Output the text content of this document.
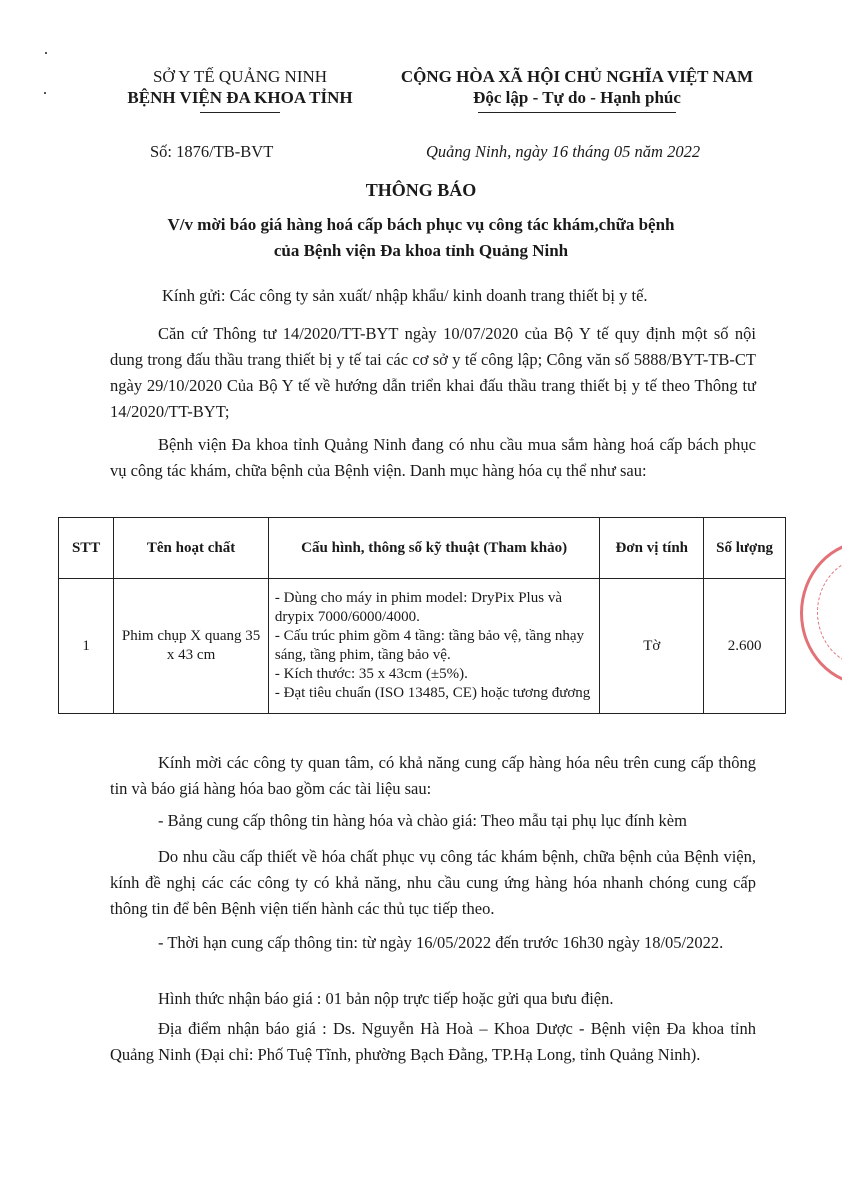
SỞ Y TẾ QUẢNG NINH
BỆNH VIỆN ĐA KHOA TỈNH
CỘNG HÒA XÃ HỘI CHỦ NGHĨA VIỆT NAM
Độc lập - Tự do - Hạnh phúc
Số: 1876/TB-BVT	Quảng Ninh, ngày 16 tháng 05 năm 2022
THÔNG BÁO
V/v mời báo giá hàng hoá cấp bách phục vụ công tác khám,chữa bệnh
của Bệnh viện Đa khoa tỉnh Quảng Ninh
Kính gửi: Các công ty sản xuất/ nhập khẩu/ kinh doanh trang thiết bị y tế.
Căn cứ Thông tư 14/2020/TT-BYT ngày 10/07/2020 của Bộ Y tế quy định một số nội dung trong đấu thầu trang thiết bị y tế tai các cơ sở y tế công lập; Công văn số 5888/BYT-TB-CT ngày 29/10/2020 Của Bộ Y tế về hướng dẫn triển khai đấu thầu trang thiết bị y tế theo Thông tư 14/2020/TT-BYT;
Bệnh viện Đa khoa tỉnh Quảng Ninh đang có nhu cầu mua sắm hàng hoá cấp bách phục vụ công tác khám, chữa bệnh của Bệnh viện. Danh mục hàng hóa cụ thể như sau:
STT	Tên hoạt chất	Cấu hình, thông số kỹ thuật (Tham khảo)	Đơn vị tính	Số lượng
1	Phim chụp X quang 35 x 43 cm	- Dùng cho máy in phim model: DryPix Plus và drypix 7000/6000/4000.
- Cấu trúc phim gồm 4 tầng: tầng bảo vệ, tầng nhạy sáng, tầng phim, tầng bảo vệ.
- Kích thước: 35 x 43cm (±5%).
- Đạt tiêu chuẩn (ISO 13485, CE) hoặc tương đương	Tờ	2.600
Kính mời các công ty quan tâm, có khả năng cung cấp hàng hóa nêu trên cung cấp thông tin và báo giá hàng hóa bao gồm các tài liệu sau:
- Bảng cung cấp thông tin hàng hóa và chào giá: Theo mẫu tại phụ lục đính kèm
Do nhu cầu cấp thiết về hóa chất phục vụ công tác khám bệnh, chữa bệnh của Bệnh viện, kính đề nghị các các công ty có khả năng, nhu cầu cung ứng hàng hóa nhanh chóng cung cấp thông tin để bên Bệnh viện tiến hành các thủ tục tiếp theo.
- Thời hạn cung cấp thông tin: từ ngày 16/05/2022 đến trước 16h30 ngày 18/05/2022.
Hình thức nhận báo giá : 01 bản nộp trực tiếp hoặc gửi qua bưu điện.
Địa điểm nhận báo giá : Ds. Nguyễn Hà Hoà – Khoa Dược - Bệnh viện Đa khoa tỉnh Quảng Ninh (Đại chỉ: Phố Tuệ Tĩnh, phường Bạch Đằng, TP.Hạ Long, tỉnh Quảng Ninh).
